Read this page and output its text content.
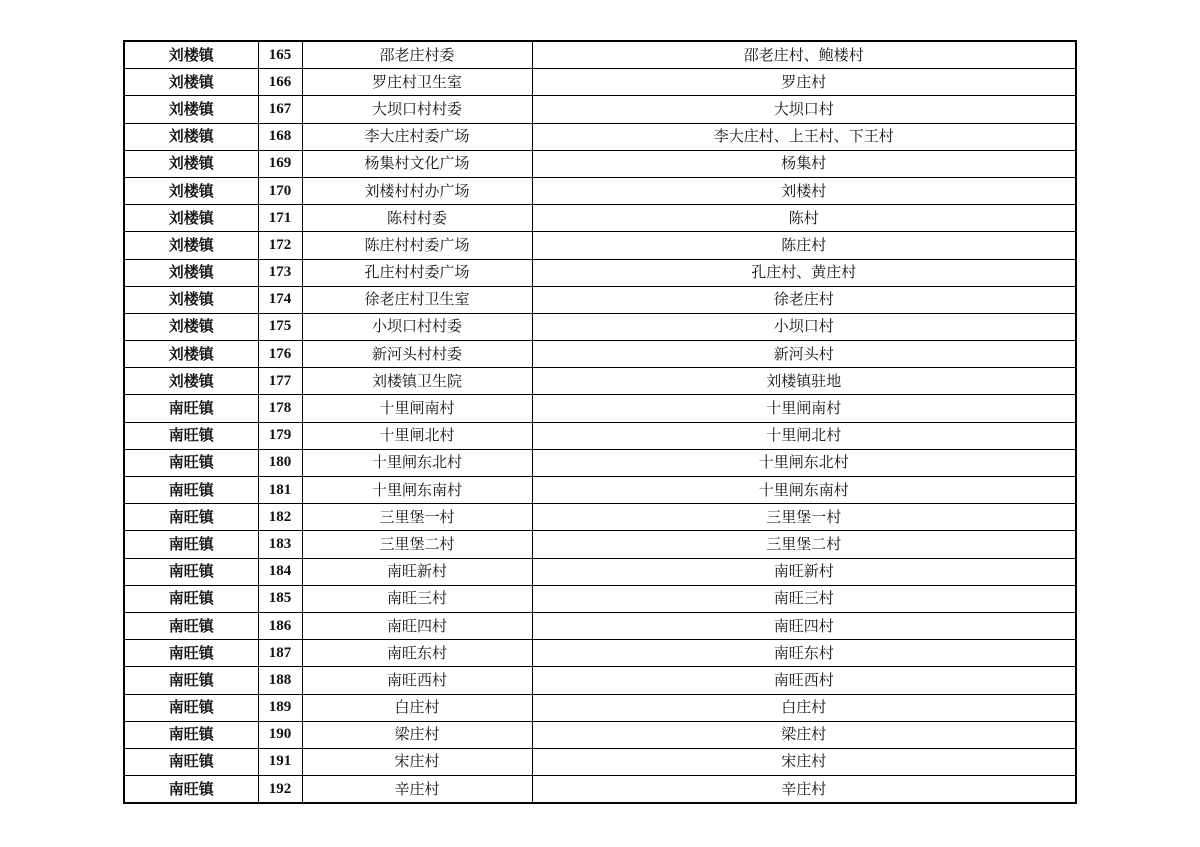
刘楼镇	165	邵老庄村委	邵老庄村、鲍楼村
刘楼镇	166	罗庄村卫生室	罗庄村
刘楼镇	167	大坝口村村委	大坝口村
刘楼镇	168	李大庄村委广场	李大庄村、上王村、下王村
刘楼镇	169	杨集村文化广场	杨集村
刘楼镇	170	刘楼村村办广场	刘楼村
刘楼镇	171	陈村村委	陈村
刘楼镇	172	陈庄村村委广场	陈庄村
刘楼镇	173	孔庄村村委广场	孔庄村、黄庄村
刘楼镇	174	徐老庄村卫生室	徐老庄村
刘楼镇	175	小坝口村村委	小坝口村
刘楼镇	176	新河头村村委	新河头村
刘楼镇	177	刘楼镇卫生院	刘楼镇驻地
南旺镇	178	十里闸南村	十里闸南村
南旺镇	179	十里闸北村	十里闸北村
南旺镇	180	十里闸东北村	十里闸东北村
南旺镇	181	十里闸东南村	十里闸东南村
南旺镇	182	三里堡一村	三里堡一村
南旺镇	183	三里堡二村	三里堡二村
南旺镇	184	南旺新村	南旺新村
南旺镇	185	南旺三村	南旺三村
南旺镇	186	南旺四村	南旺四村
南旺镇	187	南旺东村	南旺东村
南旺镇	188	南旺西村	南旺西村
南旺镇	189	白庄村	白庄村
南旺镇	190	梁庄村	梁庄村
南旺镇	191	宋庄村	宋庄村
南旺镇	192	辛庄村	辛庄村
